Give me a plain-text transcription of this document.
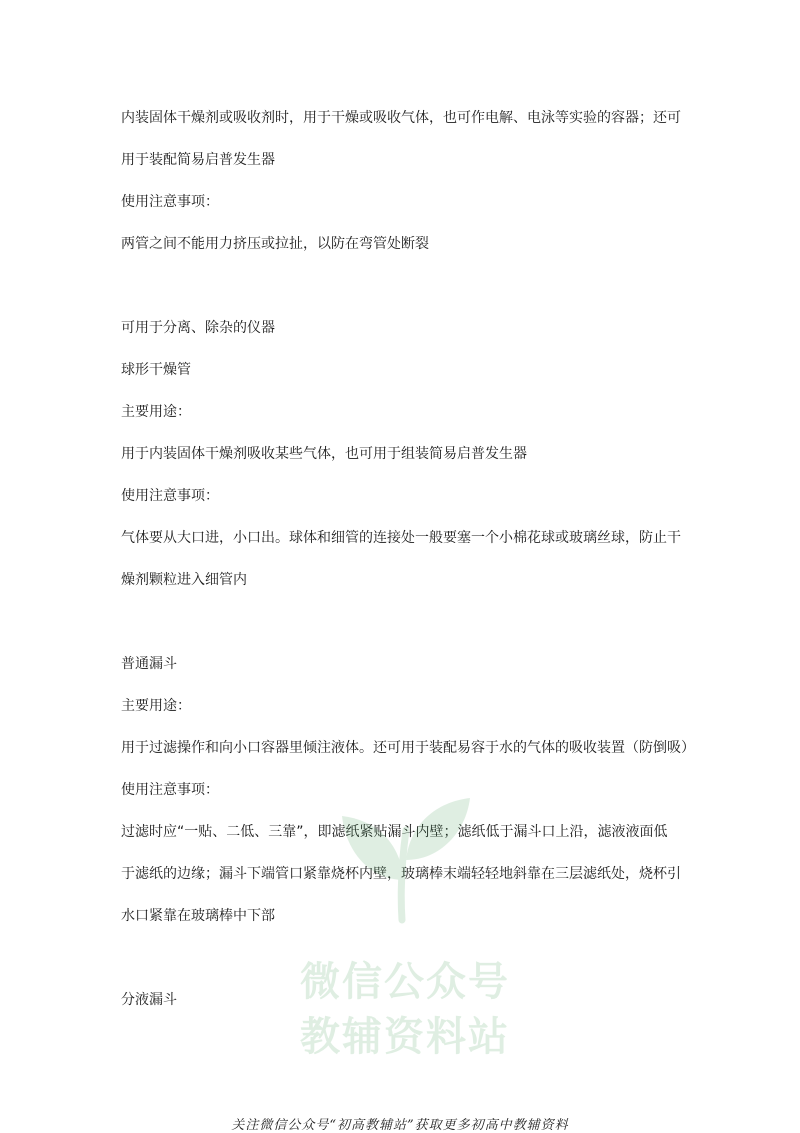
内装固体干燥剂或吸收剂时，用于干燥或吸收气体，也可作电解、电泳等实验的容器；还可

用于装配简易启普发生器

使用注意事项：

两管之间不能用力挤压或拉扯，以防在弯管处断裂

可用于分离、除杂的仪器

球形干燥管

主要用途：

用于内装固体干燥剂吸收某些气体，也可用于组装简易启普发生器

使用注意事项：

气体要从大口进，小口出。球体和细管的连接处一般要塞一个小棉花球或玻璃丝球，防止干

燥剂颗粒进入细管内

普通漏斗

主要用途：

用于过滤操作和向小口容器里倾注液体。还可用于装配易容于水的气体的吸收装置（防倒吸）

使用注意事项：

过滤时应“一贴、二低、三靠”，即滤纸紧贴漏斗内壁；滤纸低于漏斗口上沿，滤液液面低

于滤纸的边缘；漏斗下端管口紧靠烧杯内壁，玻璃棒末端轻轻地斜靠在三层滤纸处，烧杯引

水口紧靠在玻璃棒中下部

分液漏斗	微信公众号
教辅资料站
关注微信公众号“初高教辅站”获取更多初高中教辅资料
